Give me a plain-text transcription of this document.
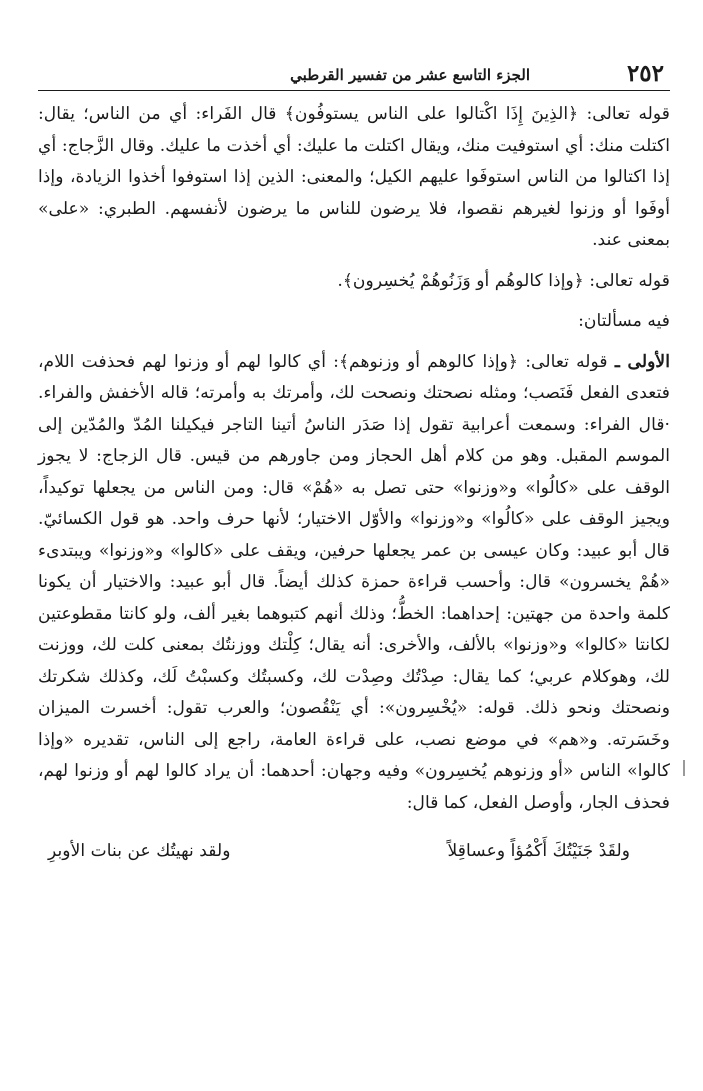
٢٥٢
الجزء التاسع عشر من تفسير القرطبي

قوله تعالى: ﴿الذِينَ إِذَا اكْتالوا على الناس يستوفُون﴾ قال الفَراء: أي من الناس؛ يقال: اكتلت منك: أي استوفيت منك، ويقال اكتلت ما عليك: أي أخذت ما عليك. وقال الزَّجاج: أي إذا اكتالوا من الناس استوفَوا عليهم الكيل؛ والمعنى: الذين إذا استوفوا أخذوا الزيادة، وإذا أوفَوا أو وزنوا لغيرهم نقصوا، فلا يرضون للناس ما يرضون لأنفسهم. الطبري: «على» بمعنى عند.

قوله تعالى: ﴿وإذا كالوهُم أو وَزَنُوهُمْ يُخسِرون﴾.

فيه مسألتان:

الأولى ـ قوله تعالى: ﴿وإذا كالوهم أو وزنوهم﴾: أي كالوا لهم أو وزنوا لهم فحذفت اللام، فتعدى الفعل فَنَصب؛ ومثله نصحتك ونصحت لك، وأمرتك به وأمرته؛ قاله الأخفش والفراء. ·قال الفراء: وسمعت أعرابية تقول إذا صَدَر الناسُ أتينا التاجر فيكيلنا المُدّ والمُدّين إلى الموسم المقبل. وهو من كلام أهل الحجاز ومن جاورهم من قيس. قال الزجاج: لا يجوز الوقف على «كالُوا» و«وزنوا» حتى تصل به «هُمْ» قال: ومن الناس من يجعلها توكيداً، ويجيز الوقف على «كالُوا» و«وزنوا» والأوّل الاختيار؛ لأنها حرف واحد. هو قول الكسائيّ. قال أبو عبيد: وكان عيسى بن عمر يجعلها حرفين، ويقف على «كالوا» و«وزنوا» ويبتدىء «هُمْ يخسرون» قال: وأحسب قراءة حمزة كذلك أيضاً. قال أبو عبيد: والاختيار أن يكونا كلمة واحدة من جهتين: إحداهما: الخطُّ؛ وذلك أنهم كتبوهما بغير ألف، ولو كانتا مقطوعتين لكانتا «كالوا» و«وزنوا» بالألف، والأخرى: أنه يقال؛ كِلْتك ووزنتُك بمعنى كلت لك، ووزنت لك، وهوكلام عربي؛ كما يقال: صِدْتُك وصِدْت لك، وكسبتُك وكسبْتُ لَك، وكذلك شكرتك ونصحتك ونحو ذلك. قوله: «يُخْسِرون»: أي يَنْقُصون؛ والعرب تقول: أخسرت الميزان وخَسَرته. و«هم» في موضع نصب، على قراءة العامة، راجع إلى الناس، تقديره «وإذا كالوا» الناس «أو وزنوهم يُخسِرون» وفيه وجهان: أحدهما: أن يراد كالوا لهم أو وزنوا لهم، فحذف الجار، وأوصل الفعل، كما قال:

ولقَدْ جَنَيْتُكَ أَكْمُؤاً وعساقِلاً
ولقد نهيتُك عن بنات الأوبرِ
